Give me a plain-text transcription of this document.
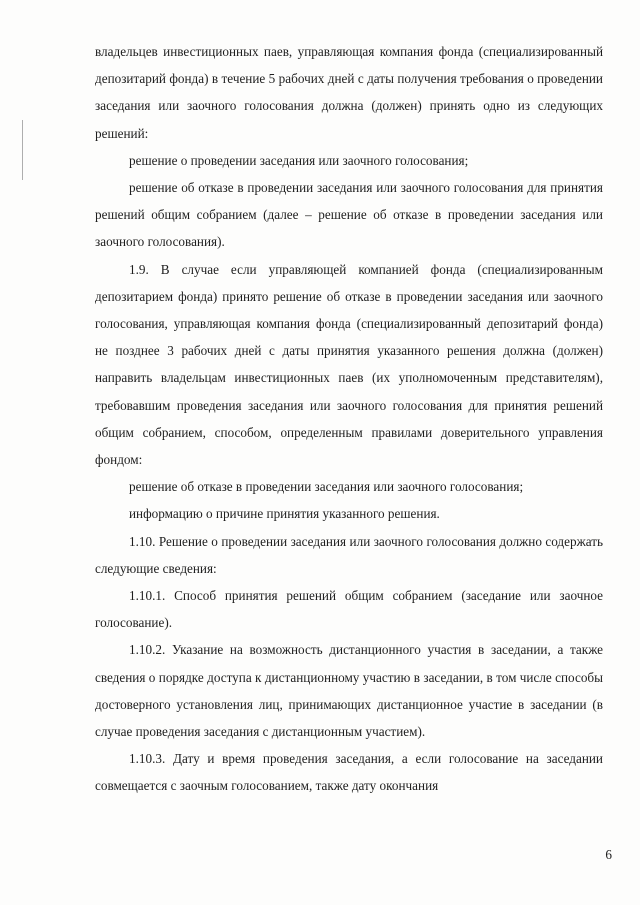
владельцев инвестиционных паев, управляющая компания фонда (специализированный депозитарий фонда) в течение 5 рабочих дней с даты получения требования о проведении заседания или заочного голосования должна (должен) принять одно из следующих решений:

решение о проведении заседания или заочного голосования;

решение об отказе в проведении заседания или заочного голосования для принятия решений общим собранием (далее – решение об отказе в проведении заседания или заочного голосования).

1.9. В случае если управляющей компанией фонда (специализированным депозитарием фонда) принято решение об отказе в проведении заседания или заочного голосования, управляющая компания фонда (специализированный депозитарий фонда) не позднее 3 рабочих дней с даты принятия указанного решения должна (должен) направить владельцам инвестиционных паев (их уполномоченным представителям), требовавшим проведения заседания или заочного голосования для принятия решений общим собранием, способом, определенным правилами доверительного управления фондом:

решение об отказе в проведении заседания или заочного голосования;

информацию о причине принятия указанного решения.

1.10. Решение о проведении заседания или заочного голосования должно содержать следующие сведения:

1.10.1. Способ принятия решений общим собранием (заседание или заочное голосование).

1.10.2. Указание на возможность дистанционного участия в заседании, а также сведения о порядке доступа к дистанционному участию в заседании, в том числе способы достоверного установления лиц, принимающих дистанционное участие в заседании (в случае проведения заседания с дистанционным участием).

1.10.3. Дату и время проведения заседания, а если голосование на заседании совмещается с заочным голосованием, также дату окончания

6
